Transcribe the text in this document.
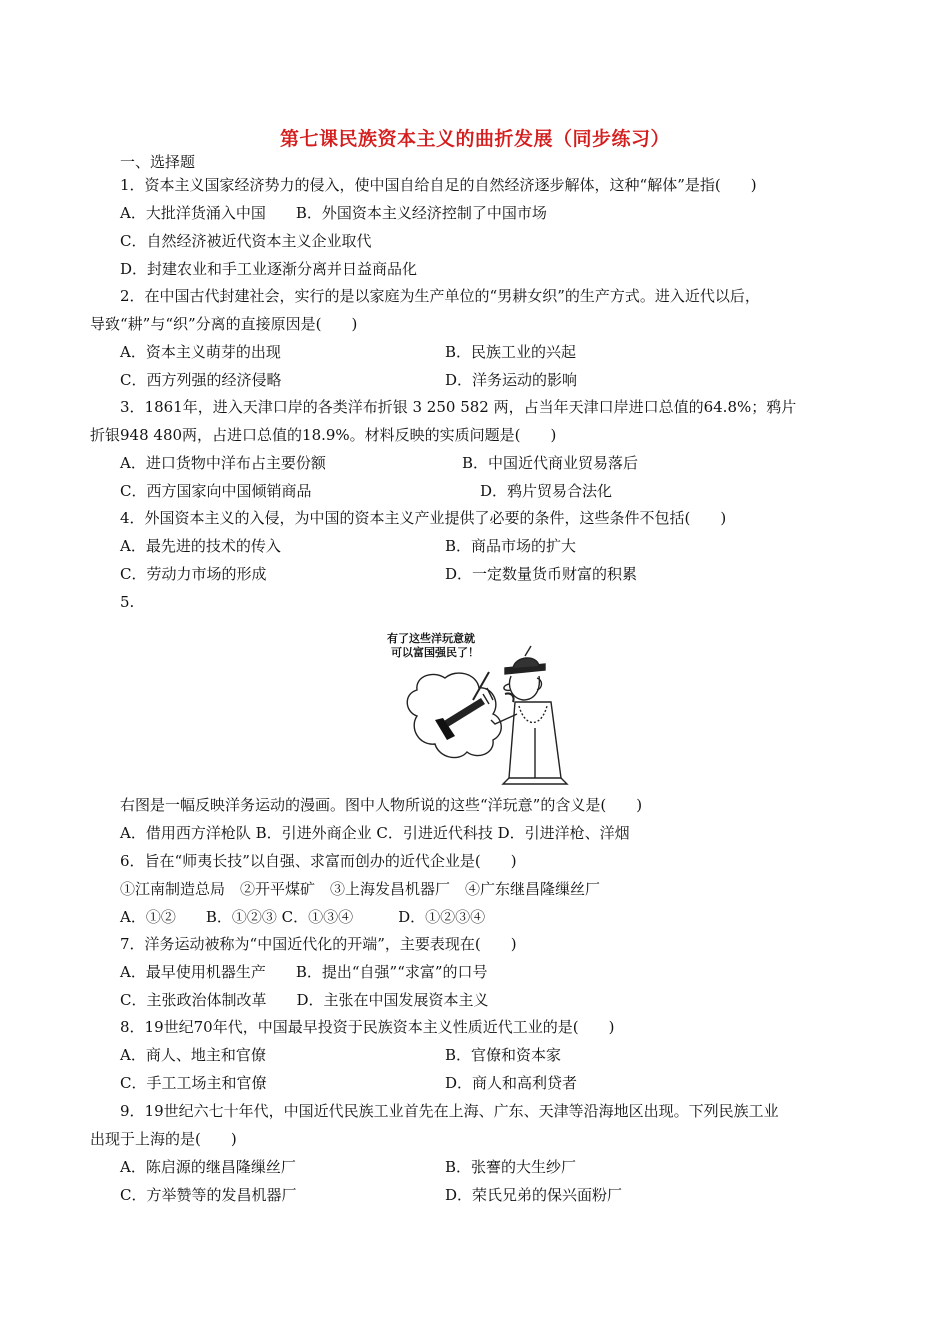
第七课民族资本主义的曲折发展（同步练习）
一、选择题
1．资本主义国家经济势力的侵入，使中国自给自足的自然经济逐步解体，这种“解体”是指(　　)
A．大批洋货涌入中国　　B．外国资本主义经济控制了中国市场
C．自然经济被近代资本主义企业取代
D．封建农业和手工业逐渐分离并日益商品化
2．在中国古代封建社会，实行的是以家庭为生产单位的“男耕女织”的生产方式。进入近代以后，
导致“耕”与“织”分离的直接原因是(　　)
A．资本主义萌芽的出现	B．民族工业的兴起
C．西方列强的经济侵略	D．洋务运动的影响
3．1861年，进入天津口岸的各类洋布折银 3 250 582 两，占当年天津口岸进口总值的64.8%；鸦片
折银948 480两，占进口总值的18.9%。材料反映的实质问题是(　　)
A．进口货物中洋布占主要份额	B．中国近代商业贸易落后
C．西方国家向中国倾销商品	D．鸦片贸易合法化
4．外国资本主义的入侵，为中国的资本主义产业提供了必要的条件，这些条件不包括(　　)
A．最先进的技术的传入	B．商品市场的扩大
C．劳动力市场的形成	D．一定数量货币财富的积累
5.
有了这些洋玩意就
可以富国强民了！
右图是一幅反映洋务运动的漫画。图中人物所说的这些“洋玩意”的含义是(　　)
A．借用西方洋枪队 B．引进外商企业 C．引进近代科技 D．引进洋枪、洋烟
6．旨在“师夷长技”以自强、求富而创办的近代企业是(　　)
①江南制造总局　②开平煤矿　③上海发昌机器厂　④广东继昌隆缫丝厂
A．①②　　B．①②③ C．①③④　　　D．①②③④
7．洋务运动被称为“中国近代化的开端”，主要表现在(　　)
A．最早使用机器生产　　B．提出“自强”“求富”的口号
C．主张政治体制改革　　D．主张在中国发展资本主义
8．19世纪70年代，中国最早投资于民族资本主义性质近代工业的是(　　)
A．商人、地主和官僚	B．官僚和资本家
C．手工工场主和官僚	D．商人和高利贷者
9．19世纪六七十年代，中国近代民族工业首先在上海、广东、天津等沿海地区出现。下列民族工业
出现于上海的是(　　)
A．陈启源的继昌隆缫丝厂	B．张謇的大生纱厂
C．方举赞等的发昌机器厂	D．荣氏兄弟的保兴面粉厂
